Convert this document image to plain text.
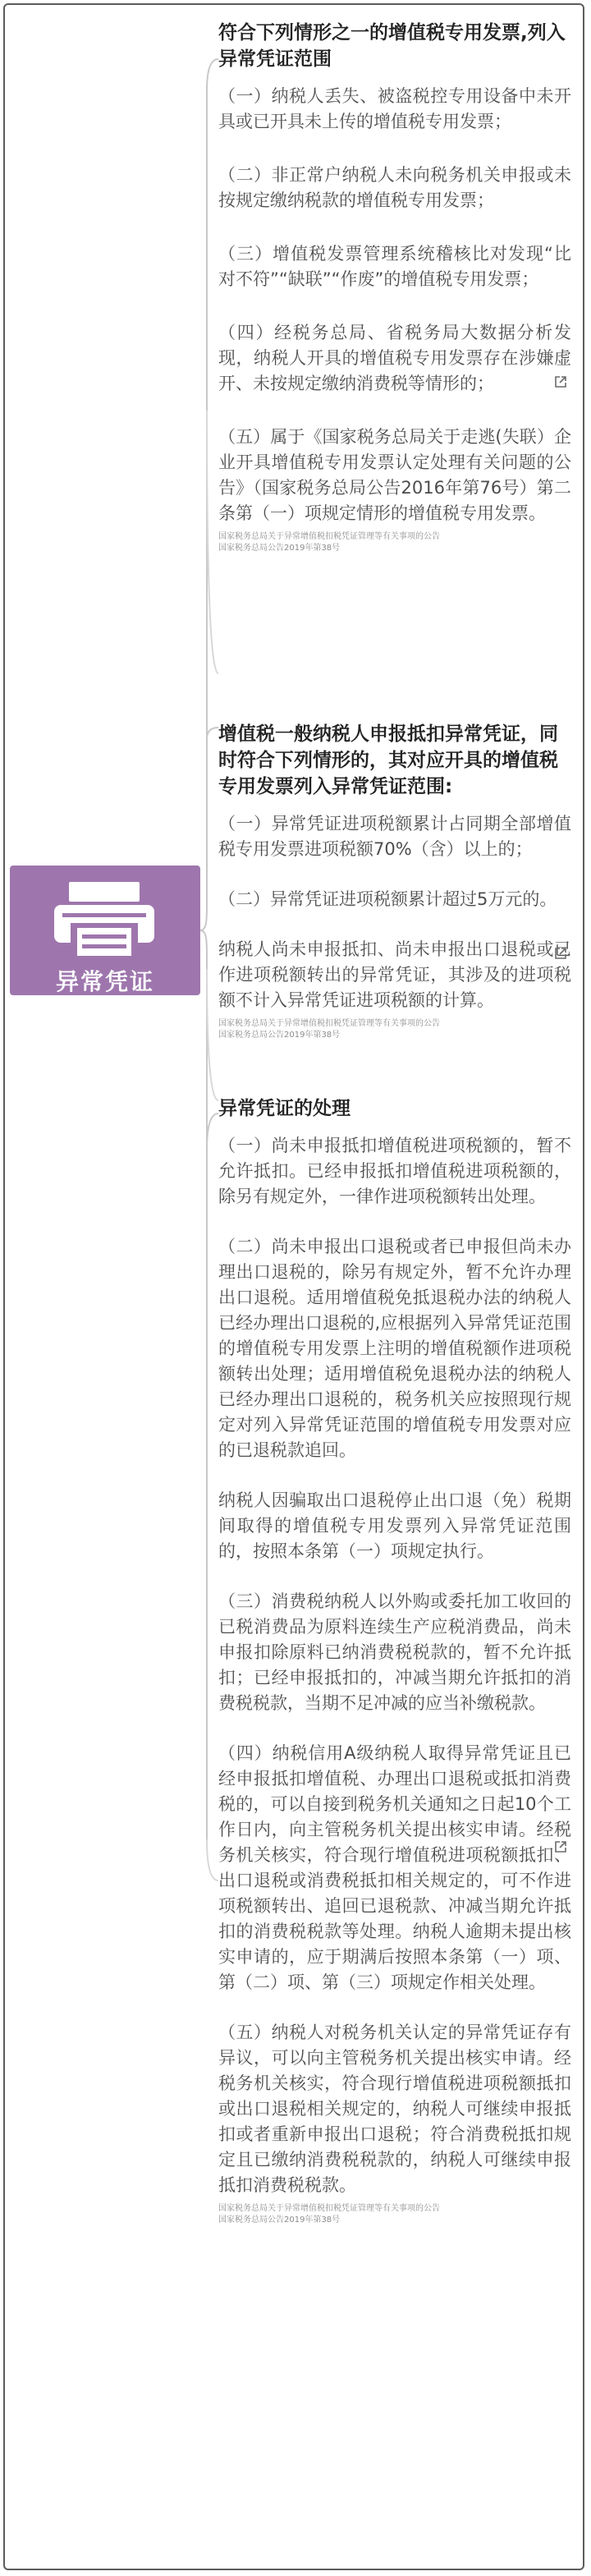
异常凭证
符合下列情形之一的增值税专用发票,列入异常凭证范围
（一）纳税人丢失、被盗税控专用设备中未开具或已开具未上传的增值税专用发票；
（二）非正常户纳税人未向税务机关申报或未按规定缴纳税款的增值税专用发票；
（三）增值税发票管理系统稽核比对发现“比对不符”“缺联”“作废”的增值税专用发票；
（四）经税务总局、省税务局大数据分析发现，纳税人开具的增值税专用发票存在涉嫌虚开、未按规定缴纳消费税等情形的；
（五）属于《国家税务总局关于走逃(失联）企业开具增值税专用发票认定处理有关问题的公告》（国家税务总局公告2016年第76号）第二条第（一）项规定情形的增值税专用发票。
国家税务总局关于异常增值税扣税凭证管理等有关事项的公告
国家税务总局公告2019年第38号
增值税一般纳税人申报抵扣异常凭证，同时符合下列情形的，其对应开具的增值税专用发票列入异常凭证范围:
（一）异常凭证进项税额累计占同期全部增值税专用发票进项税额70%（含）以上的；
（二）异常凭证进项税额累计超过5万元的。
纳税人尚未申报抵扣、尚未申报出口退税或已作进项税额转出的异常凭证，其涉及的进项税额不计入异常凭证进项税额的计算。
国家税务总局关于异常增值税扣税凭证管理等有关事项的公告
国家税务总局公告2019年第38号
异常凭证的处理
（一）尚未申报抵扣增值税进项税额的，暂不允许抵扣。已经申报抵扣增值税进项税额的，除另有规定外，一律作进项税额转出处理。
（二）尚未申报出口退税或者已申报但尚未办理出口退税的，除另有规定外，暂不允许办理出口退税。适用增值税免抵退税办法的纳税人已经办理出口退税的,应根据列入异常凭证范围的增值税专用发票上注明的增值税额作进项税额转出处理；适用增值税免退税办法的纳税人已经办理出口退税的，税务机关应按照现行规定对列入异常凭证范围的增值税专用发票对应的已退税款追回。
纳税人因骗取出口退税停止出口退（免）税期间取得的增值税专用发票列入异常凭证范围的，按照本条第（一）项规定执行。
（三）消费税纳税人以外购或委托加工收回的已税消费品为原料连续生产应税消费品，尚未申报扣除原料已纳消费税税款的，暂不允许抵扣；已经申报抵扣的，冲减当期允许抵扣的消费税税款，当期不足冲减的应当补缴税款。
（四）纳税信用A级纳税人取得异常凭证且已经申报抵扣增值税、办理出口退税或抵扣消费税的，可以自接到税务机关通知之日起10个工作日内，向主管税务机关提出核实申请。经税务机关核实，符合现行增值税进项税额抵扣、出口退税或消费税抵扣相关规定的，可不作进项税额转出、追回已退税款、冲减当期允许抵扣的消费税税款等处理。纳税人逾期未提出核实申请的，应于期满后按照本条第（一）项、第（二）项、第（三）项规定作相关处理。
（五）纳税人对税务机关认定的异常凭证存有异议，可以向主管税务机关提出核实申请。经税务机关核实，符合现行增值税进项税额抵扣或出口退税相关规定的，纳税人可继续申报抵扣或者重新申报出口退税；符合消费税抵扣规定且已缴纳消费税税款的，纳税人可继续申报抵扣消费税税款。
国家税务总局关于异常增值税扣税凭证管理等有关事项的公告
国家税务总局公告2019年第38号
